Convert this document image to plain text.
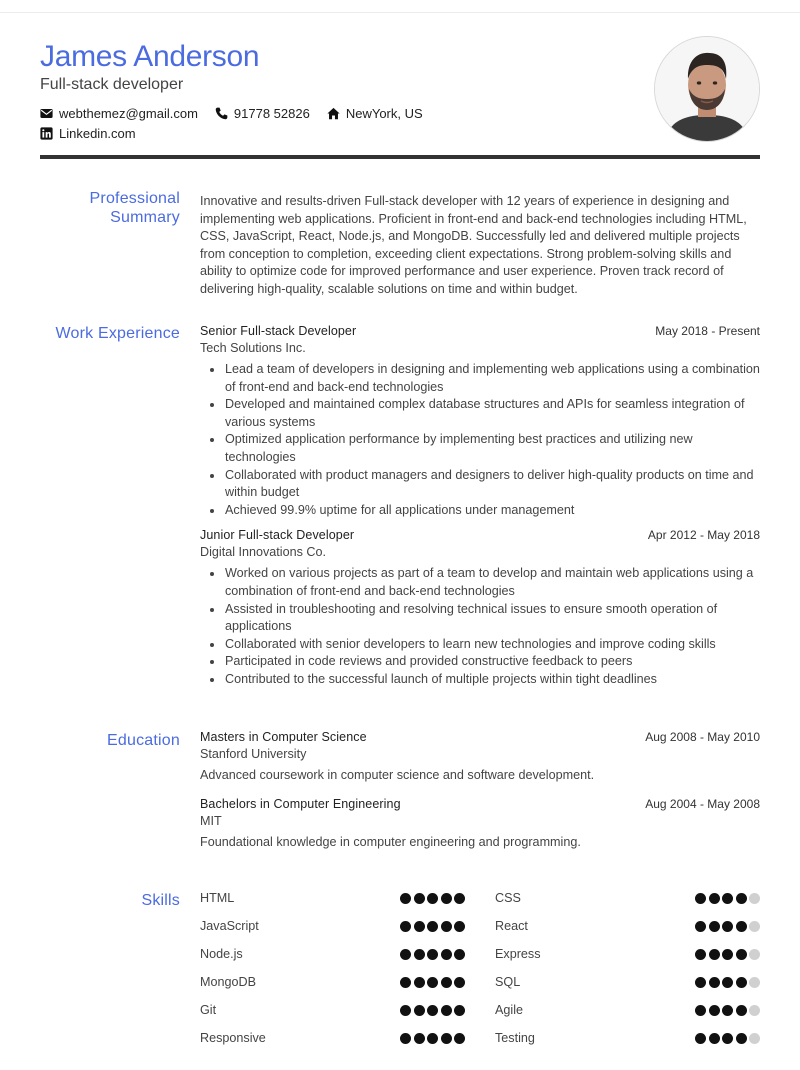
James Anderson
Full-stack developer
webthemez@gmail.com	91778 52826	NewYork, US
Linkedin.com
Professional
Summary

Innovative and results-driven Full-stack developer with 12 years of experience in designing and implementing web applications. Proficient in front-end and back-end technologies including HTML, CSS, JavaScript, React, Node.js, and MongoDB. Successfully led and delivered multiple projects from conception to completion, exceeding client expectations. Strong problem-solving skills and ability to optimize code for improved performance and user experience. Proven track record of delivering high-quality, scalable solutions on time and within budget.

Work Experience Senior Full-stack Developer	May 2018 - Present
Tech Solutions Inc.
Lead a team of developers in designing and implementing web applications using a combination of front-end and back-end technologies
Developed and maintained complex database structures and APIs for seamless integration of various systems
Optimized application performance by implementing best practices and utilizing new technologies
Collaborated with product managers and designers to deliver high-quality products on time and within budget
Achieved 99.9% uptime for all applications under management
Junior Full-stack Developer	Apr 2012 - May 2018
Digital Innovations Co.
Worked on various projects as part of a team to develop and maintain web applications using a combination of front-end and back-end technologies
Assisted in troubleshooting and resolving technical issues to ensure smooth operation of applications
Collaborated with senior developers to learn new technologies and improve coding skills
Participated in code reviews and provided constructive feedback to peers
Contributed to the successful launch of multiple projects within tight deadlines
Education Masters in Computer Science	Aug 2008 - May 2010
Stanford University
Advanced coursework in computer science and software development.
Bachelors in Computer Engineering	Aug 2004 - May 2008
MIT
Foundational knowledge in computer engineering and programming.
Skills HTML	CSS
JavaScript	React
Node.js	Express
MongoDB	SQL
Git	Agile
Responsive	Testing
